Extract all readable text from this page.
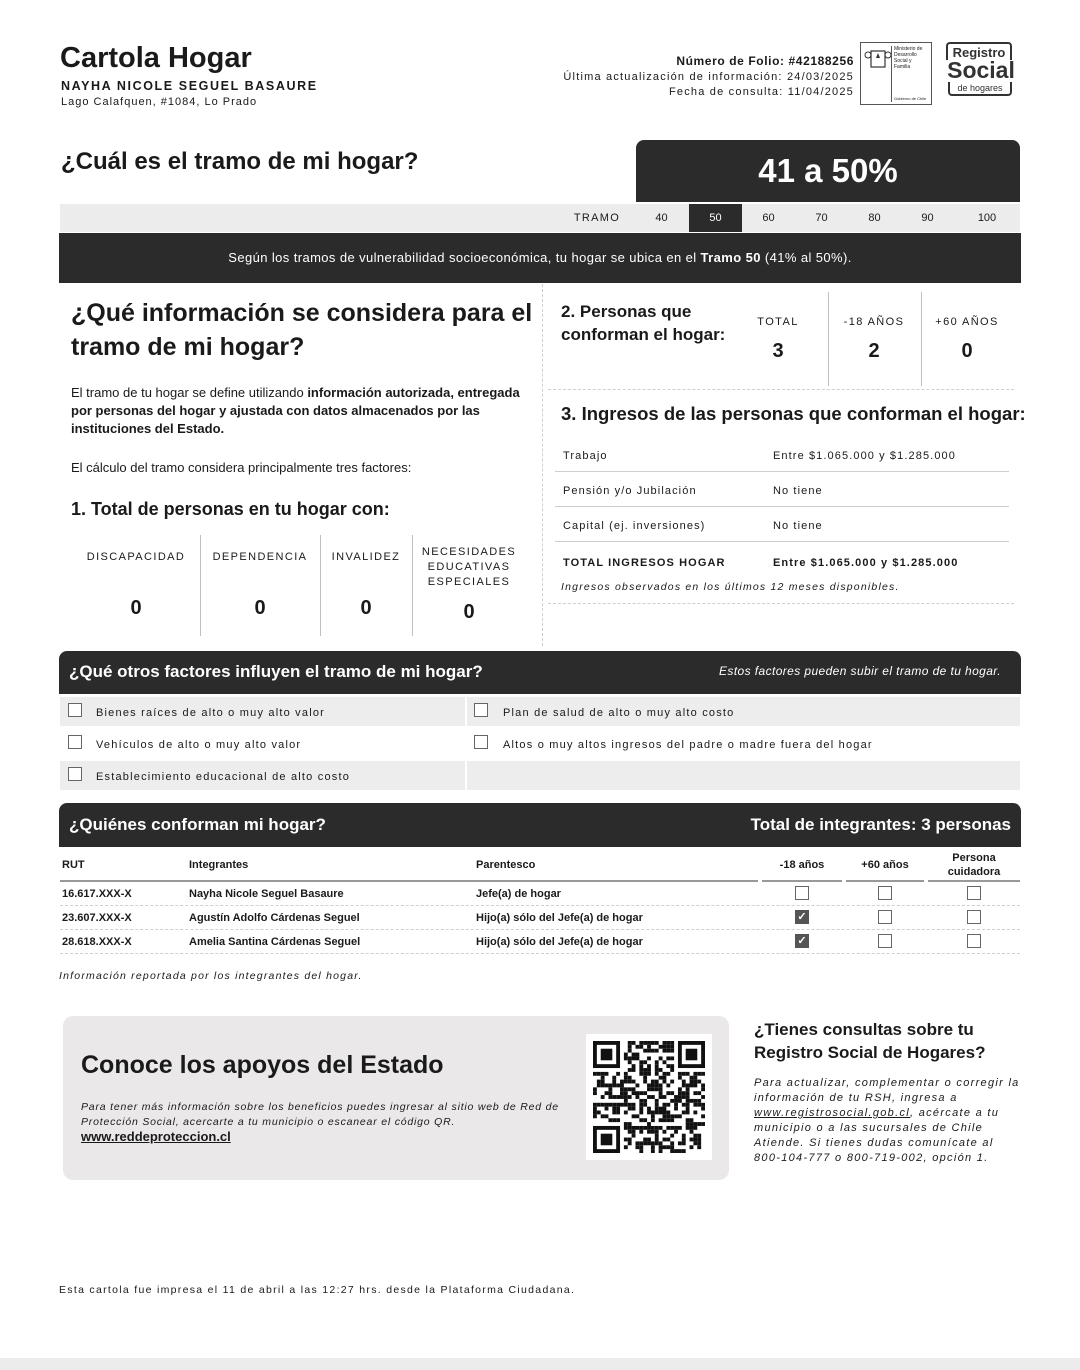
Cartola Hogar
NAYHA NICOLE SEGUEL BASAURE
Lago Calafquen, #1084, Lo Prado
Número de Folio: #42188256
Última actualización de información: 24/03/2025
Fecha de consulta: 11/04/2025
Ministerio de
Desarrollo
Social y
Familia
Gobierno de Chile
Registro
Social
de hogares
¿Cuál es el tramo de mi hogar?	41 a 50%
TRAMO	40	50	60	70	80	90	100
Según los tramos de vulnerabilidad socioeconómica, tu hogar se ubica en el Tramo 50 (41% al 50%).
¿Qué información se considera para el tramo de mi hogar?
El tramo de tu hogar se define utilizando información autorizada, entregada por personas del hogar y ajustada con datos almacenados por las instituciones del Estado.
El cálculo del tramo considera principalmente tres factores:
1. Total de personas en tu hogar con:
DISCAPACIDAD
0
DEPENDENCIA
0
INVALIDEZ
0
NECESIDADES EDUCATIVAS ESPECIALES
0
2. Personas que conforman el hogar:
TOTAL
3
-18 AÑOS
2
+60 AÑOS
0
3. Ingresos de las personas que conforman el hogar:
Trabajo	Entre $1.065.000 y $1.285.000
Pensión y/o Jubilación	No tiene
Capital (ej. inversiones)	No tiene
TOTAL INGRESOS HOGAR	Entre $1.065.000 y $1.285.000
Ingresos observados en los últimos 12 meses disponibles.
¿Qué otros factores influyen el tramo de mi hogar?	Estos factores pueden subir el tramo de tu hogar.
Bienes raíces de alto o muy alto valor	Plan de salud de alto o muy alto costo
Vehículos de alto o muy alto valor	Altos o muy altos ingresos del padre o madre fuera del hogar
Establecimiento educacional de alto costo
¿Quiénes conforman mi hogar?	Total de integrantes: 3 personas
RUT	Integrantes	Parentesco	-18 años	+60 años
Persona cuidadora
16.617.XXX-X	Nayha Nicole Seguel Basaure	Jefe(a) de hogar
23.607.XXX-X	Agustín Adolfo Cárdenas Seguel	Hijo(a) sólo del Jefe(a) de hogar	✓
28.618.XXX-X	Amelia Santina Cárdenas Seguel	Hijo(a) sólo del Jefe(a) de hogar	✓
Información reportada por los integrantes del hogar.
Conoce los apoyos del Estado
Para tener más información sobre los beneficios puedes ingresar al sitio web de Red de Protección Social, acercarte a tu municipio o escanear el código QR.
www.reddeproteccion.cl
¿Tienes consultas sobre tu Registro Social de Hogares?
Para actualizar, complementar o corregir la información de tu RSH, ingresa a www.registrosocial.gob.cl, acércate a tu municipio o a las sucursales de Chile Atiende. Si tienes dudas comunícate al 800-104-777 o 800-719-002, opción 1.
Esta cartola fue impresa el 11 de abril a las 12:27 hrs. desde la Plataforma Ciudadana.
